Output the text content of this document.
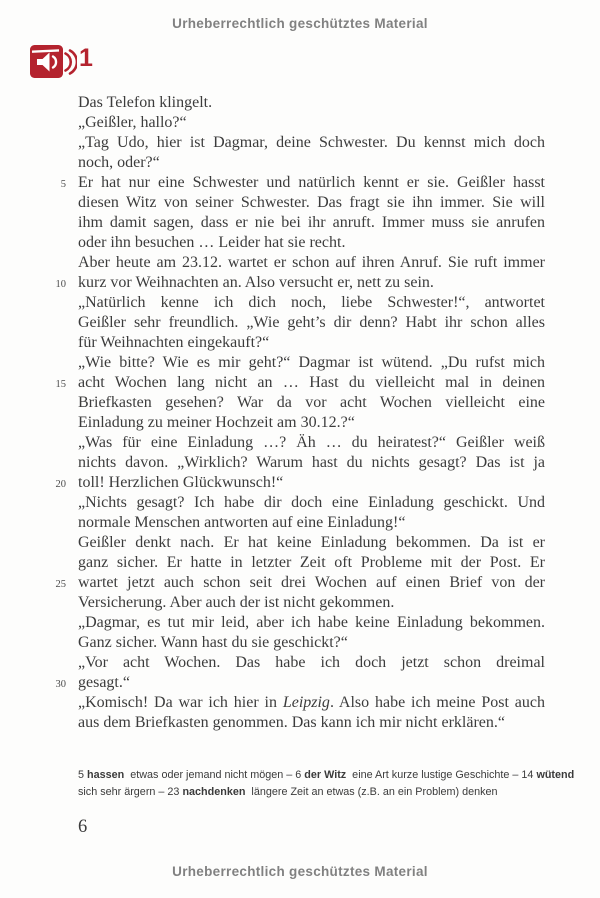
Urheberrechtlich geschütztes Material
1
Das Telefon klingelt.
„Geißler, hallo?“
„Tag Udo, hier ist Dagmar, deine Schwester. Du kennst mich doch
noch, oder?“
5 Er hat nur eine Schwester und natürlich kennt er sie. Geißler hasst
diesen Witz von seiner Schwester. Das fragt sie ihn immer. Sie will
ihm damit sagen, dass er nie bei ihr anruft. Immer muss sie anrufen
oder ihn besuchen … Leider hat sie recht.
Aber heute am 23.12. wartet er schon auf ihren Anruf. Sie ruft immer
10 kurz vor Weihnachten an. Also versucht er, nett zu sein.
„Natürlich kenne ich dich noch, liebe Schwester!“, antwortet
Geißler sehr freundlich. „Wie geht’s dir denn? Habt ihr schon alles
für Weihnachten eingekauft?“
„Wie bitte? Wie es mir geht?“ Dagmar ist wütend. „Du rufst mich
15 acht Wochen lang nicht an … Hast du vielleicht mal in deinen
Briefkasten gesehen? War da vor acht Wochen vielleicht eine
Einladung zu meiner Hochzeit am 30.12.?“
„Was für eine Einladung …? Äh … du heiratest?“ Geißler weiß
nichts davon. „Wirklich? Warum hast du nichts gesagt? Das ist ja
20 toll! Herzlichen Glückwunsch!“
„Nichts gesagt? Ich habe dir doch eine Einladung geschickt. Und
normale Menschen antworten auf eine Einladung!“
Geißler denkt nach. Er hat keine Einladung bekommen. Da ist er
ganz sicher. Er hatte in letzter Zeit oft Probleme mit der Post. Er
25 wartet jetzt auch schon seit drei Wochen auf einen Brief von der
Versicherung. Aber auch der ist nicht gekommen.
„Dagmar, es tut mir leid, aber ich habe keine Einladung bekommen.
Ganz sicher. Wann hast du sie geschickt?“
„Vor acht Wochen. Das habe ich doch jetzt schon dreimal
30 gesagt.“
„Komisch! Da war ich hier in Leipzig. Also habe ich meine Post auch
aus dem Briefkasten genommen. Das kann ich mir nicht erklären.“
5 hassen etwas oder jemand nicht mögen – 6 der Witz eine Art kurze lustige Geschichte – 14 wütend
sich sehr ärgern – 23 nachdenken längere Zeit an etwas (z.B. an ein Problem) denken
6
Urheberrechtlich geschütztes Material
